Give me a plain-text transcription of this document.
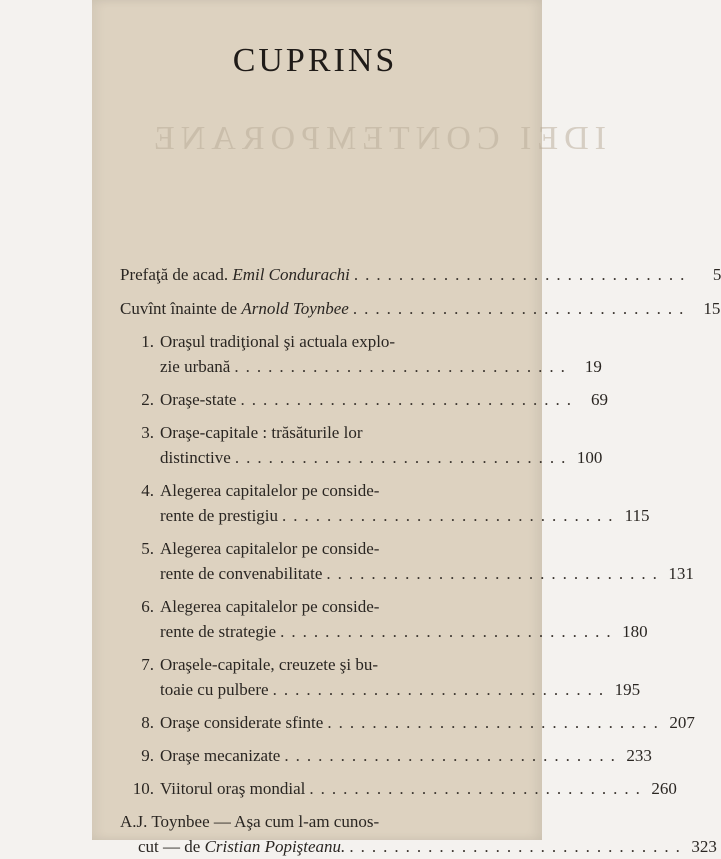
IDEI CONTEMPORANE
CUPRINS
Prefaţă de acad. Emil Condurachi ..............................	5
Cuvînt înainte de Arnold Toynbee .............................. 15
1. Oraşul tradiţional şi actuala explo-
zie urbană .............................. 19
2. Oraşe-state .............................. 69
3. Oraşe-capitale : trăsăturile lor
distinctive .............................. 100
4. Alegerea capitalelor pe conside-
rente de prestigiu .............................. 115
5. Alegerea capitalelor pe conside-
rente de convenabilitate .............................. 131
6. Alegerea capitalelor pe conside-
rente de strategie .............................. 180
7. Oraşele-capitale, creuzete şi bu-
toaie cu pulbere .............................. 195
8. Oraşe considerate sfinte .............................. 207
9. Oraşe mecanizate .............................. 233
10. Viitorul oraş mondial .............................. 260
A.J. Toynbee — Aşa cum l-am cunos-
cut — de Cristian Popişteanu. .............................. 323
